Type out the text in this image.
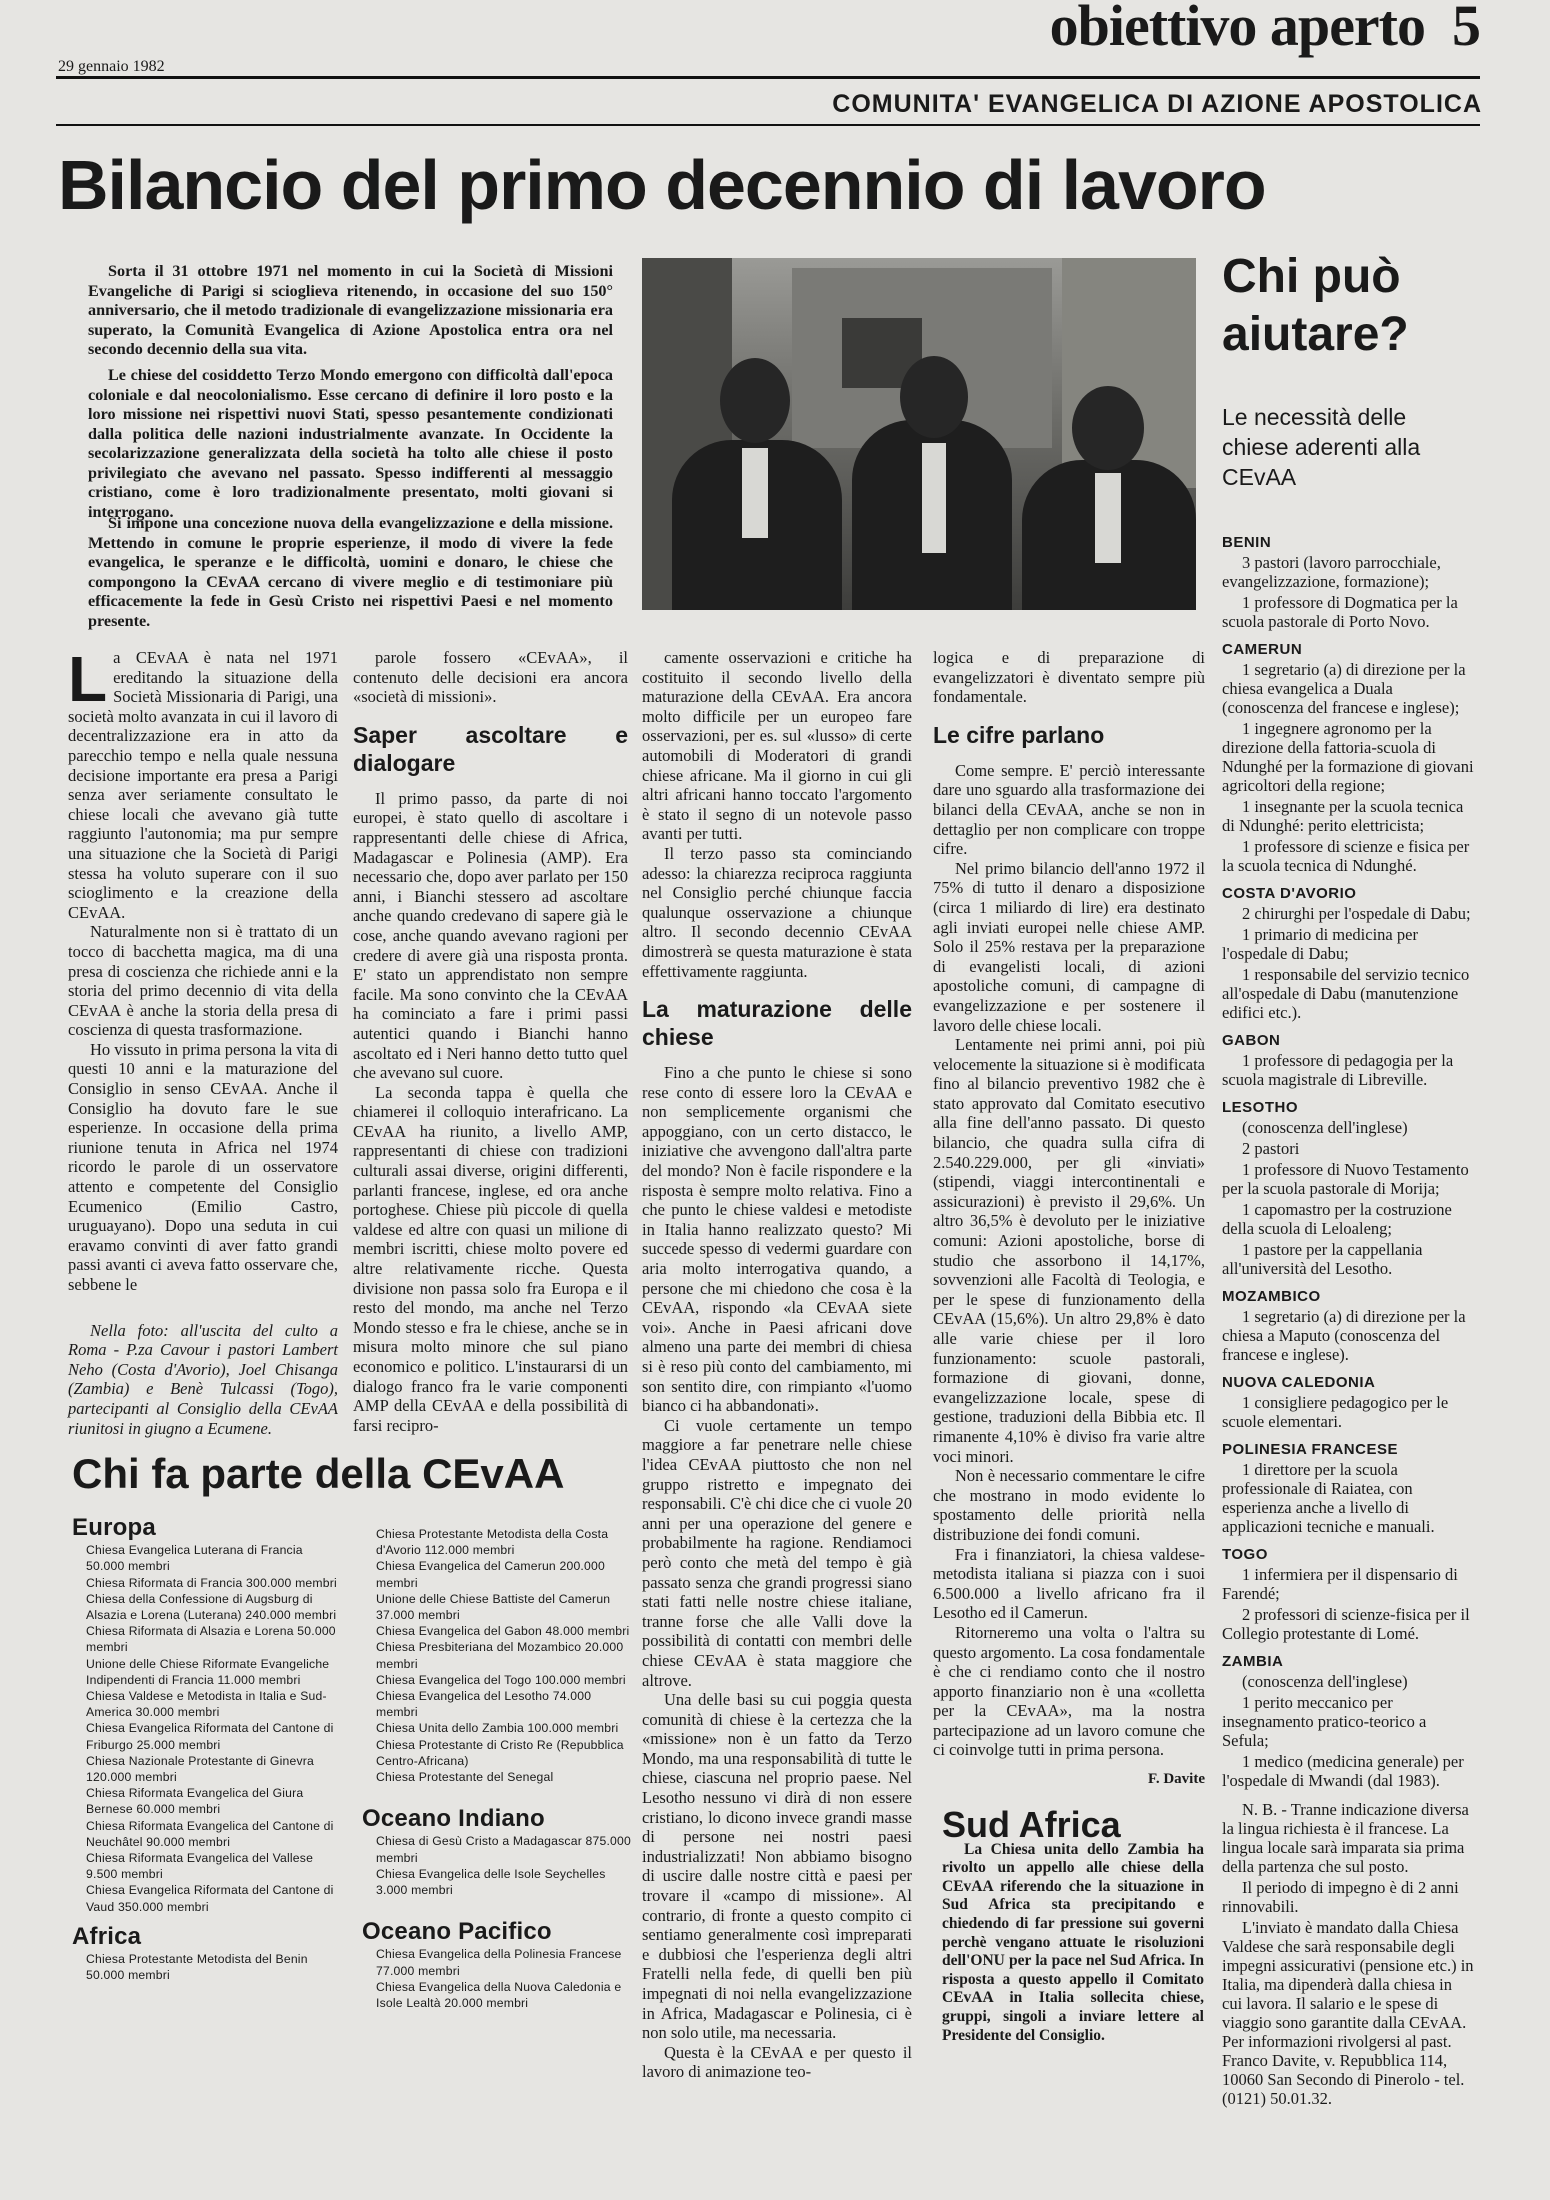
obiettivo aperto 5
29 gennaio 1982
COMUNITA' EVANGELICA DI AZIONE APOSTOLICA
Bilancio del primo decennio di lavoro

Sorta il 31 ottobre 1971 nel momento in cui la Società di Missioni Evangeliche di Parigi si scioglieva ritenendo, in occasione del suo 150° anniversario, che il metodo tradizionale di evangelizzazione missionaria era superato, la Comunità Evangelica di Azione Apostolica entra ora nel secondo decennio della sua vita.

Le chiese del cosiddetto Terzo Mondo emergono con difficoltà dall'epoca coloniale e dal neocolonialismo. Esse cercano di definire il loro posto e la loro missione nei rispettivi nuovi Stati, spesso pesantemente condizionati dalla politica delle nazioni industrialmente avanzate. In Occidente la secolarizzazione generalizzata della società ha tolto alle chiese il posto privilegiato che avevano nel passato. Spesso indifferenti al messaggio cristiano, come è loro tradizionalmente presentato, molti giovani si interrogano.

Si impone una concezione nuova della evangelizzazione e della missione. Mettendo in comune le proprie esperienze, il modo di vivere la fede evangelica, le speranze e le difficoltà, uomini e donaro, le chiese che compongono la CEvAA cercano di vivere meglio e di testimoniare più efficacemente la fede in Gesù Cristo nei rispettivi Paesi e nel momento presente.

Chi può aiutare?
Le necessità delle chiese aderenti alla CEvAA

La CEvAA è nata nel 1971 ereditando la situazione della Società Missionaria di Parigi, una società molto avanzata in cui il lavoro di decentralizzazione era in atto da parecchio tempo e nella quale nessuna decisione importante era presa a Parigi senza aver seriamente consultato le chiese locali che avevano già tutte raggiunto l'autonomia; ma pur sempre una situazione che la Società di Parigi stessa ha voluto superare con il suo scioglimento e la creazione della CEvAA.

Naturalmente non si è trattato di un tocco di bacchetta magica, ma di una presa di coscienza che richiede anni e la storia del primo decennio di vita della CEvAA è anche la storia della presa di coscienza di questa trasformazione.

Ho vissuto in prima persona la vita di questi 10 anni e la maturazione del Consiglio in senso CEvAA. Anche il Consiglio ha dovuto fare le sue esperienze. In occasione della prima riunione tenuta in Africa nel 1974 ricordo le parole di un osservatore attento e competente del Consiglio Ecumenico (Emilio Castro, uruguayano). Dopo una seduta in cui eravamo convinti di aver fatto grandi passi avanti ci aveva fatto osservare che, sebbene le

Nella foto: all'uscita del culto a Roma - P.za Cavour i pastori Lambert Neho (Costa d'Avorio), Joel Chisanga (Zambia) e Benè Tulcassi (Togo), partecipanti al Consiglio della CEvAA riunitosi in giugno a Ecumene.

parole fossero «CEvAA», il contenuto delle decisioni era ancora «società di missioni».

Saper ascoltare e dialogare

Il primo passo, da parte di noi europei, è stato quello di ascoltare i rappresentanti delle chiese di Africa, Madagascar e Polinesia (AMP). Era necessario che, dopo aver parlato per 150 anni, i Bianchi stessero ad ascoltare anche quando credevano di sapere già le cose, anche quando avevano ragioni per credere di avere già una risposta pronta. E' stato un apprendistato non sempre facile. Ma sono convinto che la CEvAA ha cominciato a fare i primi passi autentici quando i Bianchi hanno ascoltato ed i Neri hanno detto tutto quel che avevano sul cuore.

La seconda tappa è quella che chiamerei il colloquio interafricano. La CEvAA ha riunito, a livello AMP, rappresentanti di chiese con tradizioni culturali assai diverse, origini differenti, parlanti francese, inglese, ed ora anche portoghese. Chiese più piccole di quella valdese ed altre con quasi un milione di membri iscritti, chiese molto povere ed altre relativamente ricche. Questa divisione non passa solo fra Europa e il resto del mondo, ma anche nel Terzo Mondo stesso e fra le chiese, anche se in misura molto minore che sul piano economico e politico. L'instaurarsi di un dialogo franco fra le varie componenti AMP della CEvAA e della possibilità di farsi recipro-

camente osservazioni e critiche ha costituito il secondo livello della maturazione della CEvAA. Era ancora molto difficile per un europeo fare osservazioni, per es. sul «lusso» di certe automobili di Moderatori di grandi chiese africane. Ma il giorno in cui gli altri africani hanno toccato l'argomento è stato il segno di un notevole passo avanti per tutti.

Il terzo passo sta cominciando adesso: la chiarezza reciproca raggiunta nel Consiglio perché chiunque faccia qualunque osservazione a chiunque altro. Il secondo decennio CEvAA dimostrerà se questa maturazione è stata effettivamente raggiunta.

La maturazione delle chiese

Fino a che punto le chiese si sono rese conto di essere loro la CEvAA e non semplicemente organismi che appoggiano, con un certo distacco, le iniziative che avvengono dall'altra parte del mondo? Non è facile rispondere e la risposta è sempre molto relativa. Fino a che punto le chiese valdesi e metodiste in Italia hanno realizzato questo? Mi succede spesso di vedermi guardare con aria molto interrogativa quando, a persone che mi chiedono che cosa è la CEvAA, rispondo «la CEvAA siete voi». Anche in Paesi africani dove almeno una parte dei membri di chiesa si è reso più conto del cambiamento, mi son sentito dire, con rimpianto «l'uomo bianco ci ha abbandonati».

Ci vuole certamente un tempo maggiore a far penetrare nelle chiese l'idea CEvAA piuttosto che non nel gruppo ristretto e impegnato dei responsabili. C'è chi dice che ci vuole 20 anni per una operazione del genere e probabilmente ha ragione. Rendiamoci però conto che metà del tempo è già passato senza che grandi progressi siano stati fatti nelle nostre chiese italiane, tranne forse che alle Valli dove la possibilità di contatti con membri delle chiese CEvAA è stata maggiore che altrove.

Una delle basi su cui poggia questa comunità di chiese è la certezza che la «missione» non è un fatto da Terzo Mondo, ma una responsabilità di tutte le chiese, ciascuna nel proprio paese. Nel Lesotho nessuno vi dirà di non essere cristiano, lo dicono invece grandi masse di persone nei nostri paesi industrializzati! Non abbiamo bisogno di uscire dalle nostre città e paesi per trovare il «campo di missione». Al contrario, di fronte a questo compito ci sentiamo generalmente così impreparati e dubbiosi che l'esperienza degli altri Fratelli nella fede, di quelli ben più impegnati di noi nella evangelizzazione in Africa, Madagascar e Polinesia, ci è non solo utile, ma necessaria.

Questa è la CEvAA e per questo il lavoro di animazione teo-

logica e di preparazione di evangelizzatori è diventato sempre più fondamentale.

Le cifre parlano

Come sempre. E' perciò interessante dare uno sguardo alla trasformazione dei bilanci della CEvAA, anche se non in dettaglio per non complicare con troppe cifre.

Nel primo bilancio dell'anno 1972 il 75% di tutto il denaro a disposizione (circa 1 miliardo di lire) era destinato agli inviati europei nelle chiese AMP. Solo il 25% restava per la preparazione di evangelisti locali, di azioni apostoliche comuni, di campagne di evangelizzazione e per sostenere il lavoro delle chiese locali.

Lentamente nei primi anni, poi più velocemente la situazione si è modificata fino al bilancio preventivo 1982 che è stato approvato dal Comitato esecutivo alla fine dell'anno passato. Di questo bilancio, che quadra sulla cifra di 2.540.229.000, per gli «inviati» (stipendi, viaggi intercontinentali e assicurazioni) è previsto il 29,6%. Un altro 36,5% è devoluto per le iniziative comuni: Azioni apostoliche, borse di studio che assorbono il 14,17%, sovvenzioni alle Facoltà di Teologia, e per le spese di funzionamento della CEvAA (15,6%). Un altro 29,8% è dato alle varie chiese per il loro funzionamento: scuole pastorali, formazione di giovani, donne, evangelizzazione locale, spese di gestione, traduzioni della Bibbia etc. Il rimanente 4,10% è diviso fra varie altre voci minori.

Non è necessario commentare le cifre che mostrano in modo evidente lo spostamento delle priorità nella distribuzione dei fondi comuni.

Fra i finanziatori, la chiesa valdese-metodista italiana si piazza con i suoi 6.500.000 a livello africano fra il Lesotho ed il Camerun.

Ritorneremo una volta o l'altra su questo argomento. La cosa fondamentale è che ci rendiamo conto che il nostro apporto finanziario non è una «colletta per la CEvAA», ma la nostra partecipazione ad un lavoro comune che ci coinvolge tutti in prima persona.

F. Davite
Chi fa parte della CEvAA
Europa
Chiesa Evangelica Luterana di Francia 50.000 membri
Chiesa Riformata di Francia 300.000 membri
Chiesa della Confessione di Augsburg di Alsazia e Lorena (Luterana) 240.000 membri
Chiesa Riformata di Alsazia e Lorena 50.000 membri
Unione delle Chiese Riformate Evangeliche Indipendenti di Francia 11.000 membri
Chiesa Valdese e Metodista in Italia e Sud-America 30.000 membri
Chiesa Evangelica Riformata del Cantone di Friburgo 25.000 membri
Chiesa Nazionale Protestante di Ginevra 120.000 membri
Chiesa Riformata Evangelica del Giura Bernese 60.000 membri
Chiesa Riformata Evangelica del Cantone di Neuchâtel 90.000 membri
Chiesa Riformata Evangelica del Vallese 9.500 membri
Chiesa Evangelica Riformata del Cantone di Vaud 350.000 membri
Africa
Chiesa Protestante Metodista del Benin 50.000 membri
Chiesa Protestante Metodista della Costa d'Avorio 112.000 membri
Chiesa Evangelica del Camerun 200.000 membri
Unione delle Chiese Battiste del Camerun 37.000 membri
Chiesa Evangelica del Gabon 48.000 membri
Chiesa Presbiteriana del Mozambico 20.000 membri
Chiesa Evangelica del Togo 100.000 membri
Chiesa Evangelica del Lesotho 74.000 membri
Chiesa Unita dello Zambia 100.000 membri
Chiesa Protestante di Cristo Re (Repubblica Centro-Africana)
Chiesa Protestante del Senegal
Oceano Indiano
Chiesa di Gesù Cristo a Madagascar 875.000 membri
Chiesa Evangelica delle Isole Seychelles 3.000 membri
Oceano Pacifico
Chiesa Evangelica della Polinesia Francese 77.000 membri
Chiesa Evangelica della Nuova Caledonia e Isole Lealtà 20.000 membri
Sud Africa

La Chiesa unita dello Zambia ha rivolto un appello alle chiese della CEvAA riferendo che la situazione in Sud Africa sta precipitando e chiedendo di far pressione sui governi perchè vengano attuate le risoluzioni dell'ONU per la pace nel Sud Africa. In risposta a questo appello il Comitato CEvAA in Italia sollecita chiese, gruppi, singoli a inviare lettere al Presidente del Consiglio.

BENIN

3 pastori (lavoro parrocchiale, evangelizzazione, formazione);

1 professore di Dogmatica per la scuola pastorale di Porto Novo.

CAMERUN

1 segretario (a) di direzione per la chiesa evangelica a Duala (conoscenza del francese e inglese);

1 ingegnere agronomo per la direzione della fattoria-scuola di Ndunghé per la formazione di giovani agricoltori della regione;

1 insegnante per la scuola tecnica di Ndunghé: perito elettricista;

1 professore di scienze e fisica per la scuola tecnica di Ndunghé.

COSTA D'AVORIO

2 chirurghi per l'ospedale di Dabu;

1 primario di medicina per l'ospedale di Dabu;

1 responsabile del servizio tecnico all'ospedale di Dabu (manutenzione edifici etc.).

GABON

1 professore di pedagogia per la scuola magistrale di Libreville.

LESOTHO

(conoscenza dell'inglese)

2 pastori

1 professore di Nuovo Testamento per la scuola pastorale di Morija;

1 capomastro per la costruzione della scuola di Leloaleng;

1 pastore per la cappellania all'università del Lesotho.

MOZAMBICO

1 segretario (a) di direzione per la chiesa a Maputo (conoscenza del francese e inglese).

NUOVA CALEDONIA

1 consigliere pedagogico per le scuole elementari.

POLINESIA FRANCESE

1 direttore per la scuola professionale di Raiatea, con esperienza anche a livello di applicazioni tecniche e manuali.

TOGO

1 infermiera per il dispensario di Farendé;

2 professori di scienze-fisica per il Collegio protestante di Lomé.

ZAMBIA

(conoscenza dell'inglese)

1 perito meccanico per insegnamento pratico-teorico a Sefula;

1 medico (medicina generale) per l'ospedale di Mwandi (dal 1983).

N. B. - Tranne indicazione diversa la lingua richiesta è il francese. La lingua locale sarà imparata sia prima della partenza che sul posto.

Il periodo di impegno è di 2 anni rinnovabili.

L'inviato è mandato dalla Chiesa Valdese che sarà responsabile degli impegni assicurativi (pensione etc.) in Italia, ma dipenderà dalla chiesa in cui lavora. Il salario e le spese di viaggio sono garantite dalla CEvAA. Per informazioni rivolgersi al past. Franco Davite, v. Repubblica 114, 10060 San Secondo di Pinerolo - tel. (0121) 50.01.32.
